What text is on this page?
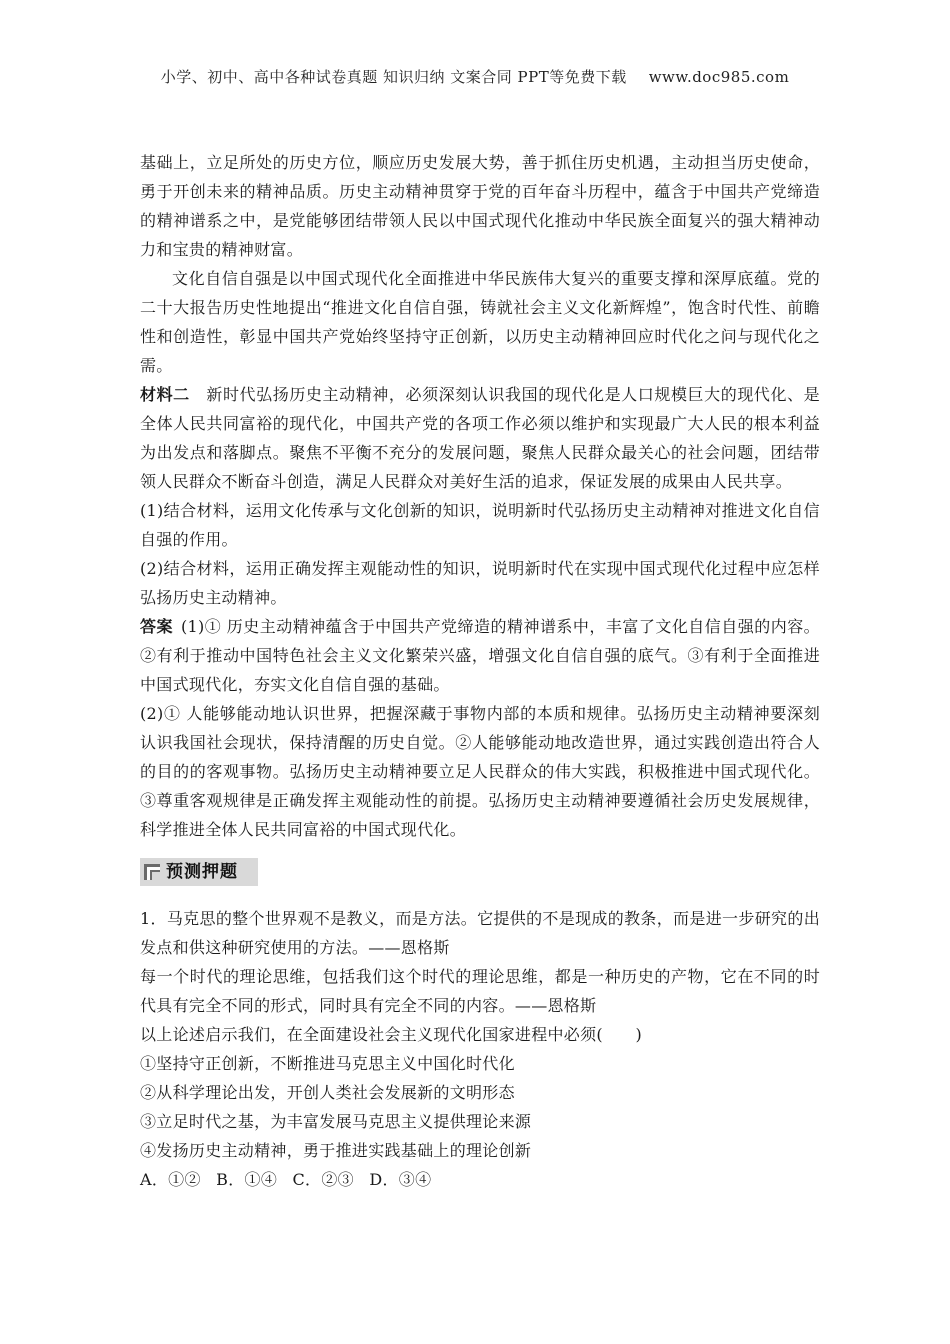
小学、初中、高中各种试卷真题 知识归纳 文案合同 PPT等免费下载 www.doc985.com

基础上，立足所处的历史方位，顺应历史发展大势，善于抓住历史机遇，主动担当历史使命，勇于开创未来的精神品质。历史主动精神贯穿于党的百年奋斗历程中，蕴含于中国共产党缔造的精神谱系之中，是党能够团结带领人民以中国式现代化推动中华民族全面复兴的强大精神动力和宝贵的精神财富。

文化自信自强是以中国式现代化全面推进中华民族伟大复兴的重要支撑和深厚底蕴。党的二十大报告历史性地提出“推进文化自信自强，铸就社会主义文化新辉煌”，饱含时代性、前瞻性和创造性，彰显中国共产党始终坚持守正创新，以历史主动精神回应时代化之问与现代化之需。

材料二　 新时代弘扬历史主动精神，必须深刻认识我国的现代化是人口规模巨大的现代化、是全体人民共同富裕的现代化，中国共产党的各项工作必须以维护和实现最广大人民的根本利益为出发点和落脚点。聚焦不平衡不充分的发展问题，聚焦人民群众最关心的社会问题，团结带领人民群众不断奋斗创造，满足人民群众对美好生活的追求，保证发展的成果由人民共享。

(1)结合材料，运用文化传承与文化创新的知识，说明新时代弘扬历史主动精神对推进文化自信自强的作用。

(2)结合材料，运用正确发挥主观能动性的知识，说明新时代在实现中国式现代化过程中应怎样弘扬历史主动精神。

答案 (1)① 历史主动精神蕴含于中国共产党缔造的精神谱系中，丰富了文化自信自强的内容。②有利于推动中国特色社会主义文化繁荣兴盛，增强文化自信自强的底气。③有利于全面推进中国式现代化，夯实文化自信自强的基础。

(2)① 人能够能动地认识世界，把握深藏于事物内部的本质和规律。弘扬历史主动精神要深刻认识我国社会现状，保持清醒的历史自觉。②人能够能动地改造世界，通过实践创造出符合人的目的的客观事物。弘扬历史主动精神要立足人民群众的伟大实践，积极推进中国式现代化。③尊重客观规律是正确发挥主观能动性的前提。弘扬历史主动精神要遵循社会历史发展规律，科学推进全体人民共同富裕的中国式现代化。

预测押题

1．马克思的整个世界观不是教义，而是方法。它提供的不是现成的教条，而是进一步研究的出发点和供这种研究使用的方法。——恩格斯

每一个时代的理论思维，包括我们这个时代的理论思维，都是一种历史的产物，它在不同的时代具有完全不同的形式，同时具有完全不同的内容。——恩格斯

以上论述启示我们，在全面建设社会主义现代化国家进程中必须(　　)

①坚持守正创新，不断推进马克思主义中国化时代化

②从科学理论出发，开创人类社会发展新的文明形态

③立足时代之基，为丰富发展马克思主义提供理论来源

④发扬历史主动精神，勇于推进实践基础上的理论创新

A．①② B．①④ C．②③ D．③④
